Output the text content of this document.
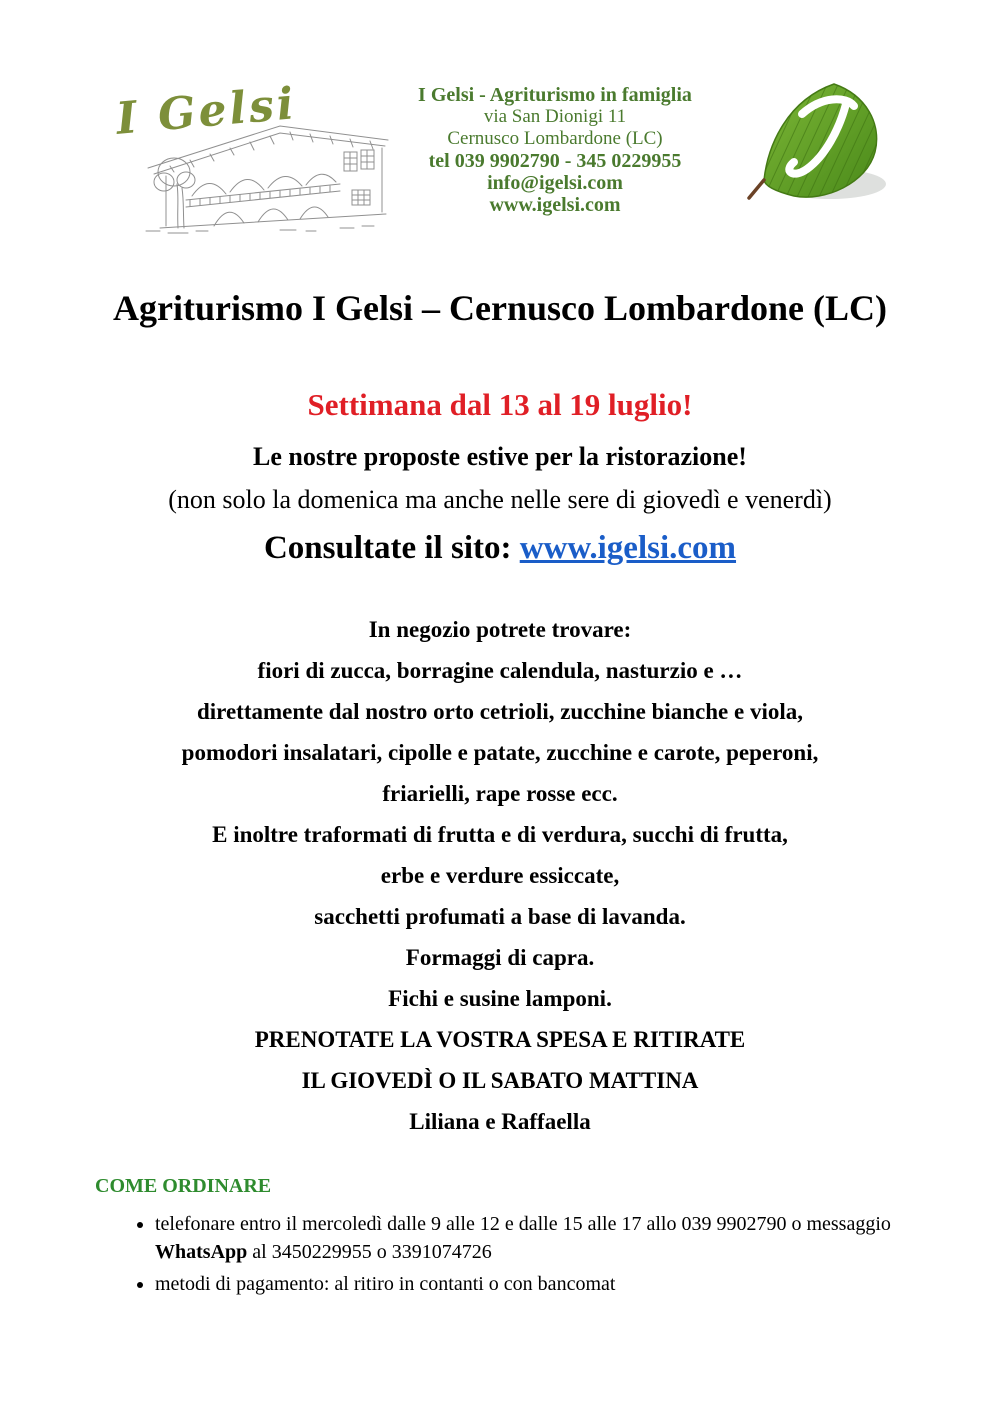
I Gelsi	I Gelsi - Agriturismo in famiglia
via San Dionigi 11
Cernusco Lombardone (LC)
tel 039 9902790 - 345 0229955
info@igelsi.com
www.igelsi.com
Agriturismo I Gelsi – Cernusco Lombardone (LC)
Settimana dal 13 al 19 luglio!
Le nostre proposte estive per la ristorazione!
(non solo la domenica ma anche nelle sere di giovedì e venerdì)
Consultate il sito: www.igelsi.com
In negozio potrete trovare:
fiori di zucca, borragine calendula, nasturzio e …
direttamente dal nostro orto cetrioli, zucchine bianche e viola,
pomodori insalatari, cipolle e patate, zucchine e carote, peperoni,
friarielli, rape rosse ecc.
E inoltre traformati di frutta e di verdura, succhi di frutta,
erbe e verdure essiccate,
sacchetti profumati a base di lavanda.
Formaggi di capra.
Fichi e susine lamponi.
PRENOTATE LA VOSTRA SPESA E RITIRATE
IL GIOVEDÌ O IL SABATO MATTINA
Liliana e Raffaella
COME ORDINARE
• telefonare entro il mercoledì dalle 9 alle 12 e dalle 15 alle 17 allo 039 9902790 o messaggio WhatsApp al 3450229955 o 3391074726
• metodi di pagamento: al ritiro in contanti o con bancomat
